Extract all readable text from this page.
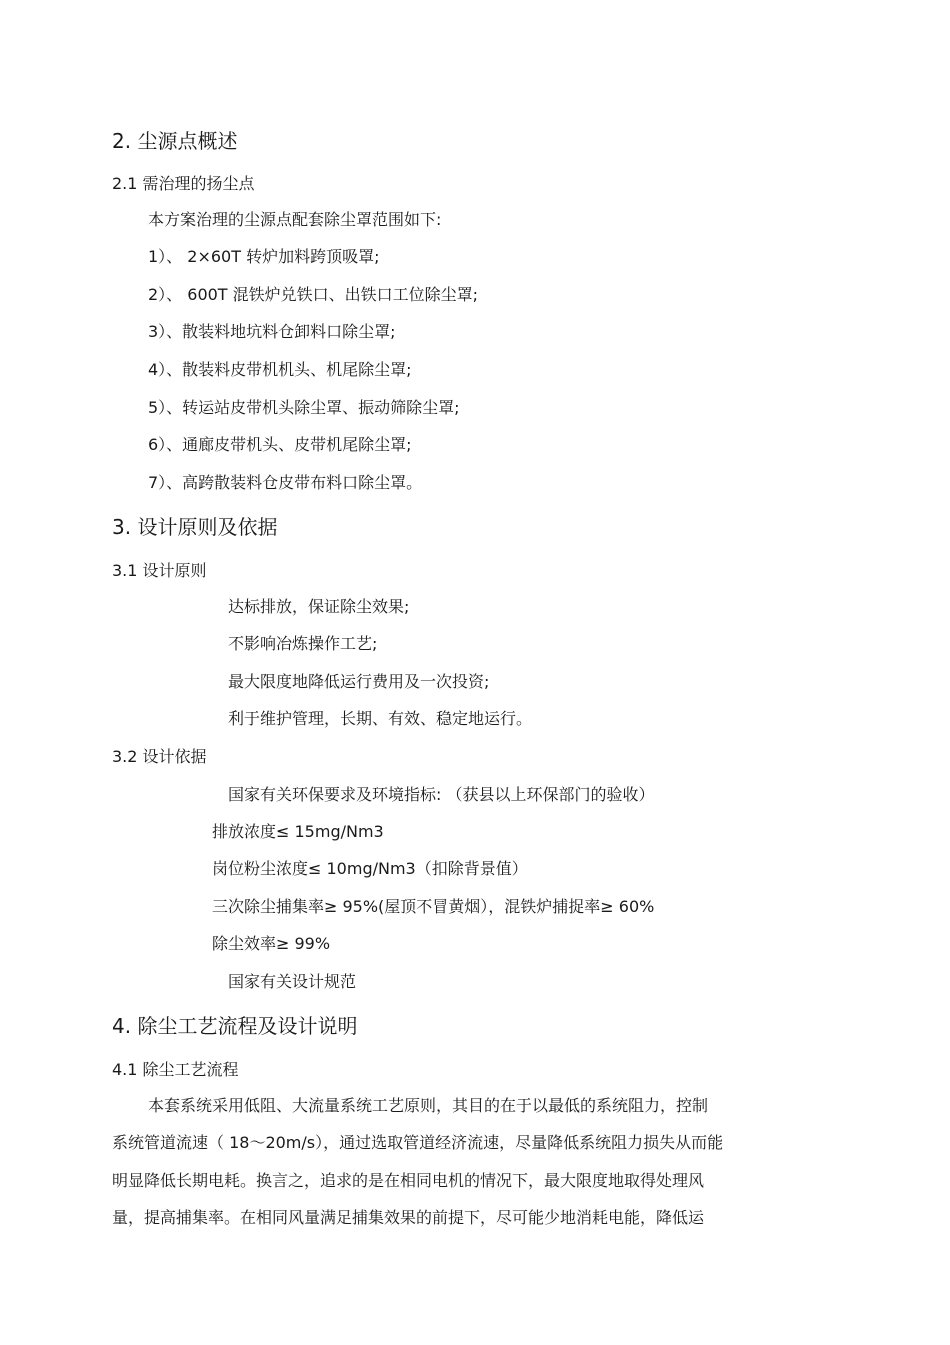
2. 尘源点概述
2.1 需治理的扬尘点
本方案治理的尘源点配套除尘罩范围如下:
1）、 2×60T 转炉加料跨顶吸罩;
2）、 600T 混铁炉兑铁口、出铁口工位除尘罩;
3）、散装料地坑料仓卸料口除尘罩;
4）、散装料皮带机机头、机尾除尘罩;
5）、转运站皮带机头除尘罩、振动筛除尘罩;
6）、通廊皮带机头、皮带机尾除尘罩;
7）、高跨散装料仓皮带布料口除尘罩。
3. 设计原则及依据
3.1 设计原则
达标排放，保证除尘效果;
不影响冶炼操作工艺;
最大限度地降低运行费用及一次投资;
利于维护管理，长期、有效、稳定地运行。
3.2 设计依据
国家有关环保要求及环境指标: （获县以上环保部门的验收）
排放浓度≤ 15mg/Nm3
岗位粉尘浓度≤ 10mg/Nm3（扣除背景值）
三次除尘捕集率≥ 95%(屋顶不冒黄烟），混铁炉捕捉率≥ 60%
除尘效率≥ 99%
国家有关设计规范
4. 除尘工艺流程及设计说明
4.1 除尘工艺流程
本套系统采用低阻、大流量系统工艺原则，其目的在于以最低的系统阻力，控制
系统管道流速（ 18～20m/s），通过选取管道经济流速，尽量降低系统阻力损失从而能
明显降低长期电耗。换言之，追求的是在相同电机的情况下，最大限度地取得处理风
量，提高捕集率。在相同风量满足捕集效果的前提下，尽可能少地消耗电能，降低运
